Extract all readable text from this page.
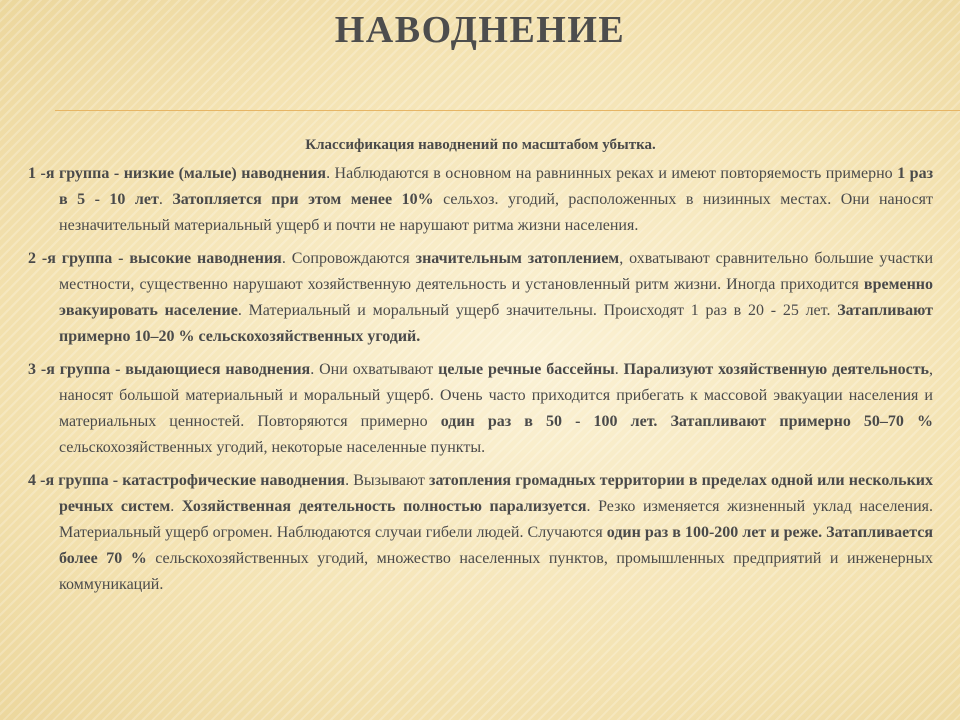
НАВОДНЕНИЕ

Классификация наводнений по масштабом убытка.

1 -я группа - низкие (малые) наводнения. Наблюдаются в основном на равнинных реках и имеют повторяемость примерно 1 раз в 5 - 10 лет. Затопляется при этом менее 10% сельхоз. угодий, расположенных в низинных местах. Они наносят незначительный материальный ущерб и почти не нарушают ритма жизни населения.

2 -я группа - высокие наводнения. Сопровождаются значительным затоплением, охватывают сравнительно большие участки местности, существенно нарушают хозяйственную деятельность и установленный ритм жизни. Иногда приходится временно эвакуировать население. Материальный и моральный ущерб значительны. Происходят 1 раз в 20 - 25 лет. Затапливают примерно 10–20 % сельскохозяйственных угодий.

3 -я группа - выдающиеся наводнения. Они охватывают целые речные бассейны. Парализуют хозяйственную деятельность, наносят большой материальный и моральный ущерб. Очень часто приходится прибегать к массовой эвакуации населения и материальных ценностей. Повторяются примерно один раз в 50 - 100 лет. Затапливают примерно 50–70 % сельскохозяйственных угодий, некоторые населенные пункты.

4 -я группа - катастрофические наводнения. Вызывают затопления громадных территории в пределах одной или нескольких речных систем. Хозяйственная деятельность полностью парализуется. Резко изменяется жизненный уклад населения. Материальный ущерб огромен. Наблюдаются случаи гибели людей. Случаются один раз в 100-200 лет и реже. Затапливается более 70 % сельскохозяйственных угодий, множество населенных пунктов, промышленных предприятий и инженерных коммуникаций.
